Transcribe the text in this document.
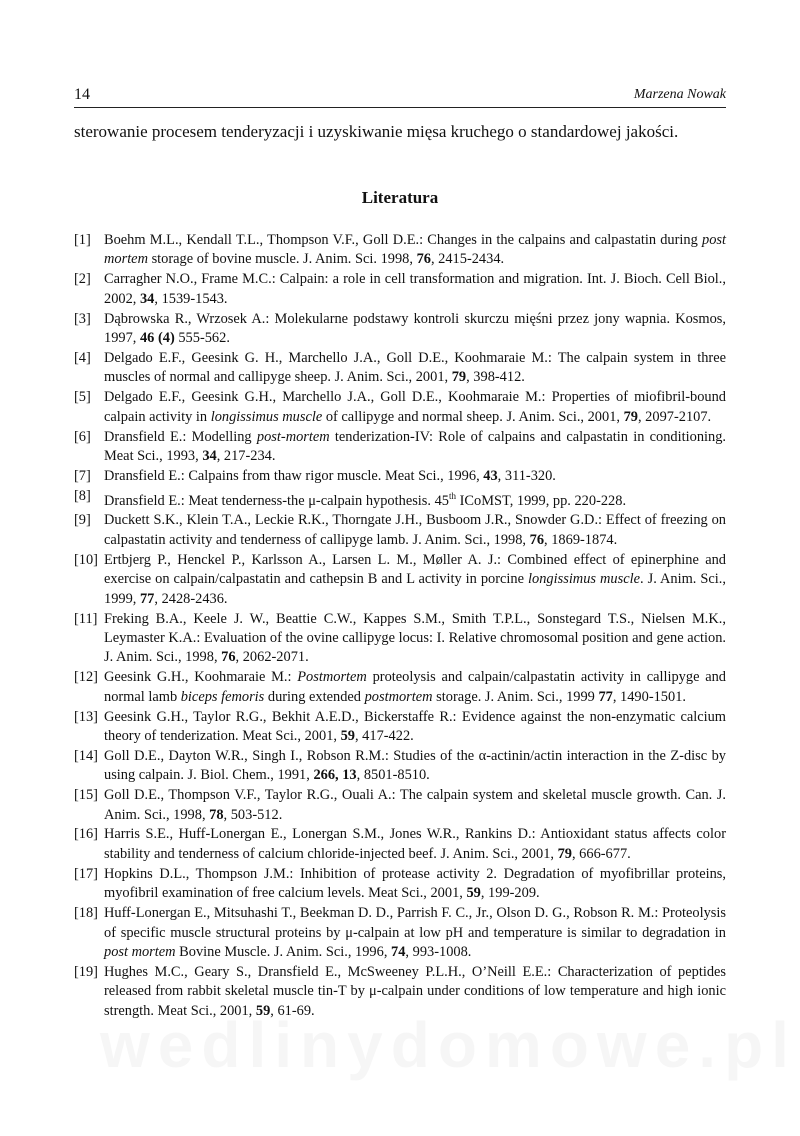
14	Marzena Nowak
sterowanie procesem tenderyzacji i uzyskiwanie mięsa kruchego o standardowej jakości.
Literatura
[1] Boehm M.L., Kendall T.L., Thompson V.F., Goll D.E.: Changes in the calpains and calpastatin during post mortem storage of bovine muscle. J. Anim. Sci. 1998, 76, 2415-2434.
[2] Carragher N.O., Frame M.C.: Calpain: a role in cell transformation and migration. Int. J. Bioch. Cell Biol., 2002, 34, 1539-1543.
[3] Dąbrowska R., Wrzosek A.: Molekularne podstawy kontroli skurczu mięśni przez jony wapnia. Kosmos, 1997, 46 (4) 555-562.
[4] Delgado E.F., Geesink G. H., Marchello J.A., Goll D.E., Koohmaraie M.: The calpain system in three muscles of normal and callipyge sheep. J. Anim. Sci., 2001, 79, 398-412.
[5] Delgado E.F., Geesink G.H., Marchello J.A., Goll D.E., Koohmaraie M.: Properties of miofibril-bound calpain activity in longissimus muscle of callipyge and normal sheep. J. Anim. Sci., 2001, 79, 2097-2107.
[6] Dransfield E.: Modelling post-mortem tenderization-IV: Role of calpains and calpastatin in conditioning. Meat Sci., 1993, 34, 217-234.
[7] Dransfield E.: Calpains from thaw rigor muscle. Meat Sci., 1996, 43, 311-320.
[8] Dransfield E.: Meat tenderness-the μ-calpain hypothesis. 45th ICoMST, 1999, pp. 220-228.
[9] Duckett S.K., Klein T.A., Leckie R.K., Thorngate J.H., Busboom J.R., Snowder G.D.: Effect of freezing on calpastatin activity and tenderness of callipyge lamb. J. Anim. Sci., 1998, 76, 1869-1874.
[10] Ertbjerg P., Henckel P., Karlsson A., Larsen L. M., Møller A. J.: Combined effect of epinerphine and exercise on calpain/calpastatin and cathepsin B and L activity in porcine longissimus muscle. J. Anim. Sci., 1999, 77, 2428-2436.
[11] Freking B.A., Keele J. W., Beattie C.W., Kappes S.M., Smith T.P.L., Sonstegard T.S., Nielsen M.K., Leymaster K.A.: Evaluation of the ovine callipyge locus: I. Relative chromosomal position and gene action. J. Anim. Sci., 1998, 76, 2062-2071.
[12] Geesink G.H., Koohmaraie M.: Postmortem proteolysis and calpain/calpastatin activity in callipyge and normal lamb biceps femoris during extended postmortem storage. J. Anim. Sci., 1999 77, 1490-1501.
[13] Geesink G.H., Taylor R.G., Bekhit A.E.D., Bickerstaffe R.: Evidence against the non-enzymatic calcium theory of tenderization. Meat Sci., 2001, 59, 417-422.
[14] Goll D.E., Dayton W.R., Singh I., Robson R.M.: Studies of the α-actinin/actin interaction in the Z-disc by using calpain. J. Biol. Chem., 1991, 266, 13, 8501-8510.
[15] Goll D.E., Thompson V.F., Taylor R.G., Ouali A.: The calpain system and skeletal muscle growth. Can. J. Anim. Sci., 1998, 78, 503-512.
[16] Harris S.E., Huff-Lonergan E., Lonergan S.M., Jones W.R., Rankins D.: Antioxidant status affects color stability and tenderness of calcium chloride-injected beef. J. Anim. Sci., 2001, 79, 666-677.
[17] Hopkins D.L., Thompson J.M.: Inhibition of protease activity 2. Degradation of myofibrillar proteins, myofibril examination of free calcium levels. Meat Sci., 2001, 59, 199-209.
[18] Huff-Lonergan E., Mitsuhashi T., Beekman D. D., Parrish F. C., Jr., Olson D. G., Robson R. M.: Proteolysis of specific muscle structural proteins by μ-calpain at low pH and temperature is similar to degradation in post mortem Bovine Muscle. J. Anim. Sci., 1996, 74, 993-1008.
[19] Hughes M.C., Geary S., Dransfield E., McSweeney P.L.H., O’Neill E.E.: Characterization of peptides released from rabbit skeletal muscle tin-T by μ-calpain under conditions of low temperature and high ionic strength. Meat Sci., 2001, 59, 61-69.
